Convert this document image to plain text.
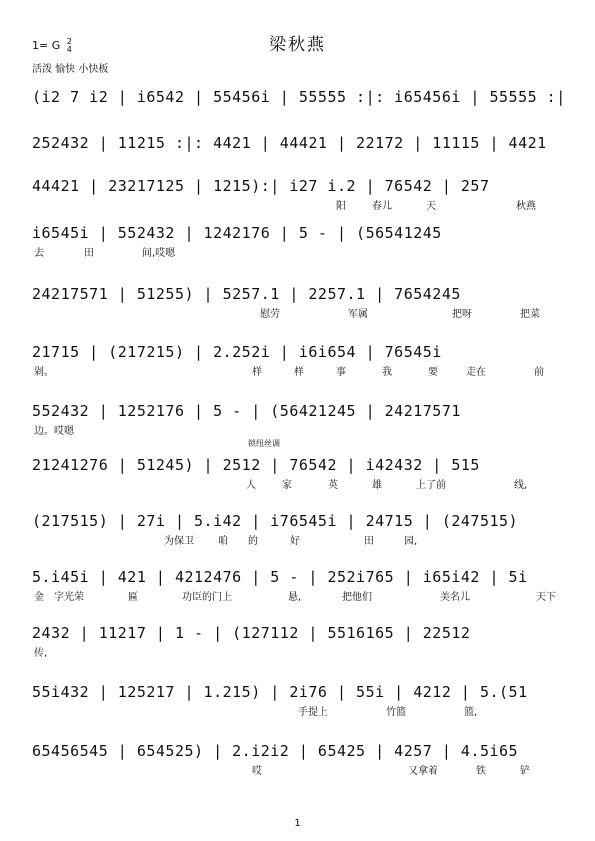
梁秋燕
1= G 2
4
活泼 愉快 小快板
(i2 7 i2 | i6542 | 55456i | 55555 :|: i65456i | 55555 :|
252432 | 11215 :|: 4421 | 44421 | 22172 | 11115 | 4421
44421 | 23217125 | 1215):| i27 i.2 | 76542 | 257
阳	春儿	天	秋燕
i6545i | 552432 | 1242176 | 5 - | (56541245
去	田	间,哎嗯
24217571 | 51255) | 5257.1 | 2257.1 | 7654245
慰劳	军属	把呀	把菜
21715 | (217215) | 2.252i | i6i654 | 76545i
剁。	样	样	事	我	要	走在	前
552432 | 1252176 | 5 - | (56421245 | 24217571
边。哎嗯
锁纽丝调
21241276 | 51245) | 2512 | 76542 | i42432 | 515
人	家	英	雄	上了前	线,
(217515) | 27i | 5.i42 | i76545i | 24715 | (247515)
为保卫 咱 的	好	田	园,
5.i45i | 421 | 4212476 | 5 - | 252i765 | i65i42 | 5i
金 字光荣	匾	功臣的门上	悬,	把他们	美名儿	天下
2432 | 11217 | 1 - | (127112 | 5516165 | 22512
传,
55i432 | 125217 | 1.215) | 2i76 | 55i | 4212 | 5.(51
手提上	竹篮	篮,
65456545 | 654525) | 2.i2i2 | 65425 | 4257 | 4.5i65
哎	又拿着	铁	铲
1
